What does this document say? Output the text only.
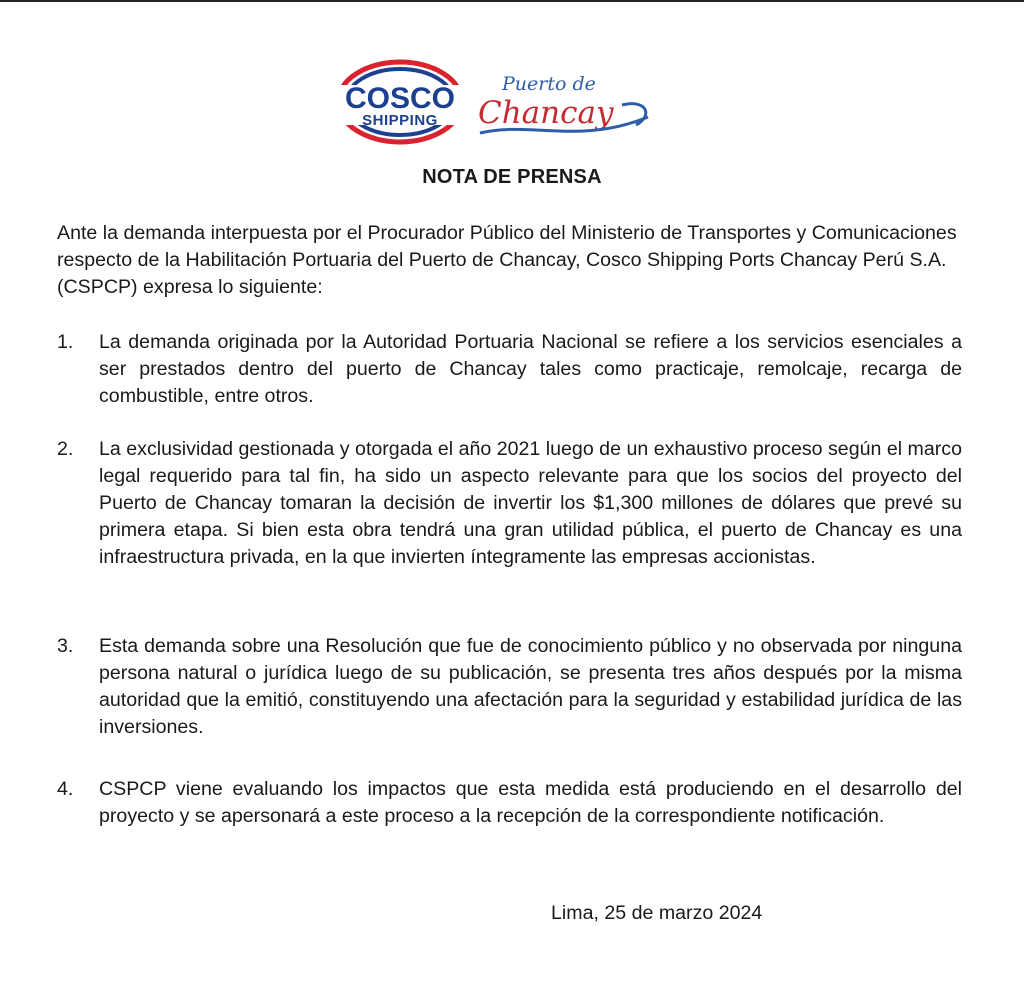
COSCO
SHIPPING
Puerto de
Chancay
NOTA DE PRENSA

Ante la demanda interpuesta por el Procurador Público del Ministerio de Transportes y Comunicaciones respecto de la Habilitación Portuaria del Puerto de Chancay, Cosco Shipping Ports Chancay Perú S.A. (CSPCP) expresa lo siguiente:

1.	La demanda originada por la Autoridad Portuaria Nacional se refiere a los servicios esenciales a ser prestados dentro del puerto de Chancay tales como practicaje, remolcaje, recarga de combustible, entre otros.
2.	La exclusividad gestionada y otorgada el año 2021 luego de un exhaustivo proceso según el marco legal requerido para tal fin, ha sido un aspecto relevante para que los socios del proyecto del Puerto de Chancay tomaran la decisión de invertir los $1,300 millones de dólares que prevé su primera etapa. Si bien esta obra tendrá una gran utilidad pública, el puerto de Chancay es una infraestructura privada, en la que invierten íntegramente las empresas accionistas.
3.	Esta demanda sobre una Resolución que fue de conocimiento público y no observada por ninguna persona natural o jurídica luego de su publicación, se presenta tres años después por la misma autoridad que la emitió, constituyendo una afectación para la seguridad y estabilidad jurídica de las inversiones.
4.	CSPCP viene evaluando los impactos que esta medida está produciendo en el desarrollo del proyecto y se apersonará a este proceso a la recepción de la correspondiente notificación.
Lima, 25 de marzo 2024
